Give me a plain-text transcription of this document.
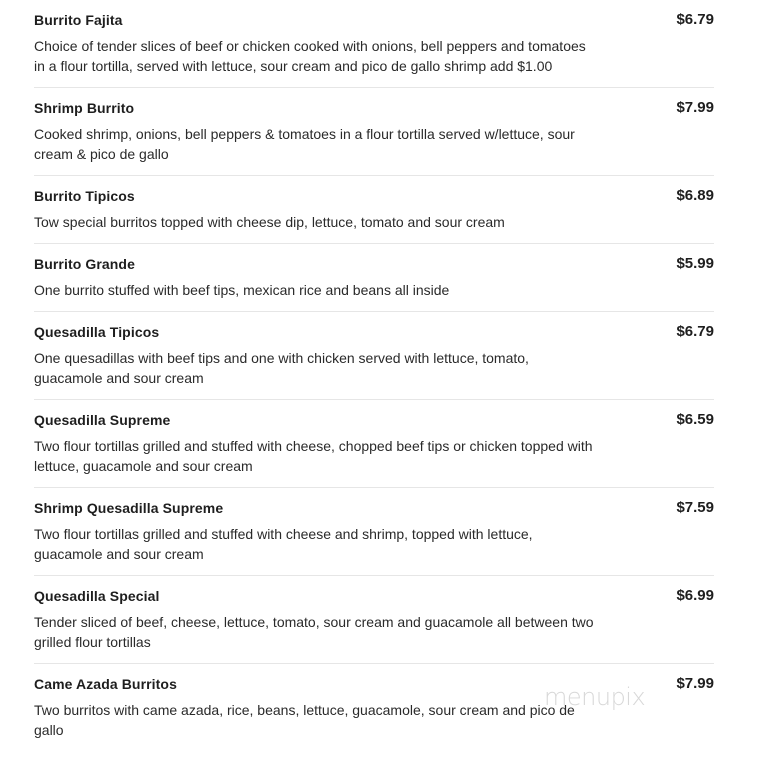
Burrito Fajita	$6.79

Choice of tender slices of beef or chicken cooked with onions, bell peppers and tomatoes in a flour tortilla, served with lettuce, sour cream and pico de gallo shrimp add $1.00

Shrimp Burrito	$7.99

Cooked shrimp, onions, bell peppers & tomatoes in a flour tortilla served w/lettuce, sour cream & pico de gallo

Burrito Tipicos	$6.89

Tow special burritos topped with cheese dip, lettuce, tomato and sour cream

Burrito Grande	$5.99

One burrito stuffed with beef tips, mexican rice and beans all inside

Quesadilla Tipicos	$6.79

One quesadillas with beef tips and one with chicken served with lettuce, tomato, guacamole and sour cream

Quesadilla Supreme	$6.59

Two flour tortillas grilled and stuffed with cheese, chopped beef tips or chicken topped with lettuce, guacamole and sour cream

Shrimp Quesadilla Supreme	$7.59

Two flour tortillas grilled and stuffed with cheese and shrimp, topped with lettuce, guacamole and sour cream

Quesadilla Special	$6.99

Tender sliced of beef, cheese, lettuce, tomato, sour cream and guacamole all between two grilled flour tortillas

Came Azada Burritos	$7.99

Two burritos with came azada, rice, beans, lettuce, guacamole, sour cream and pico de gallo

menupix
